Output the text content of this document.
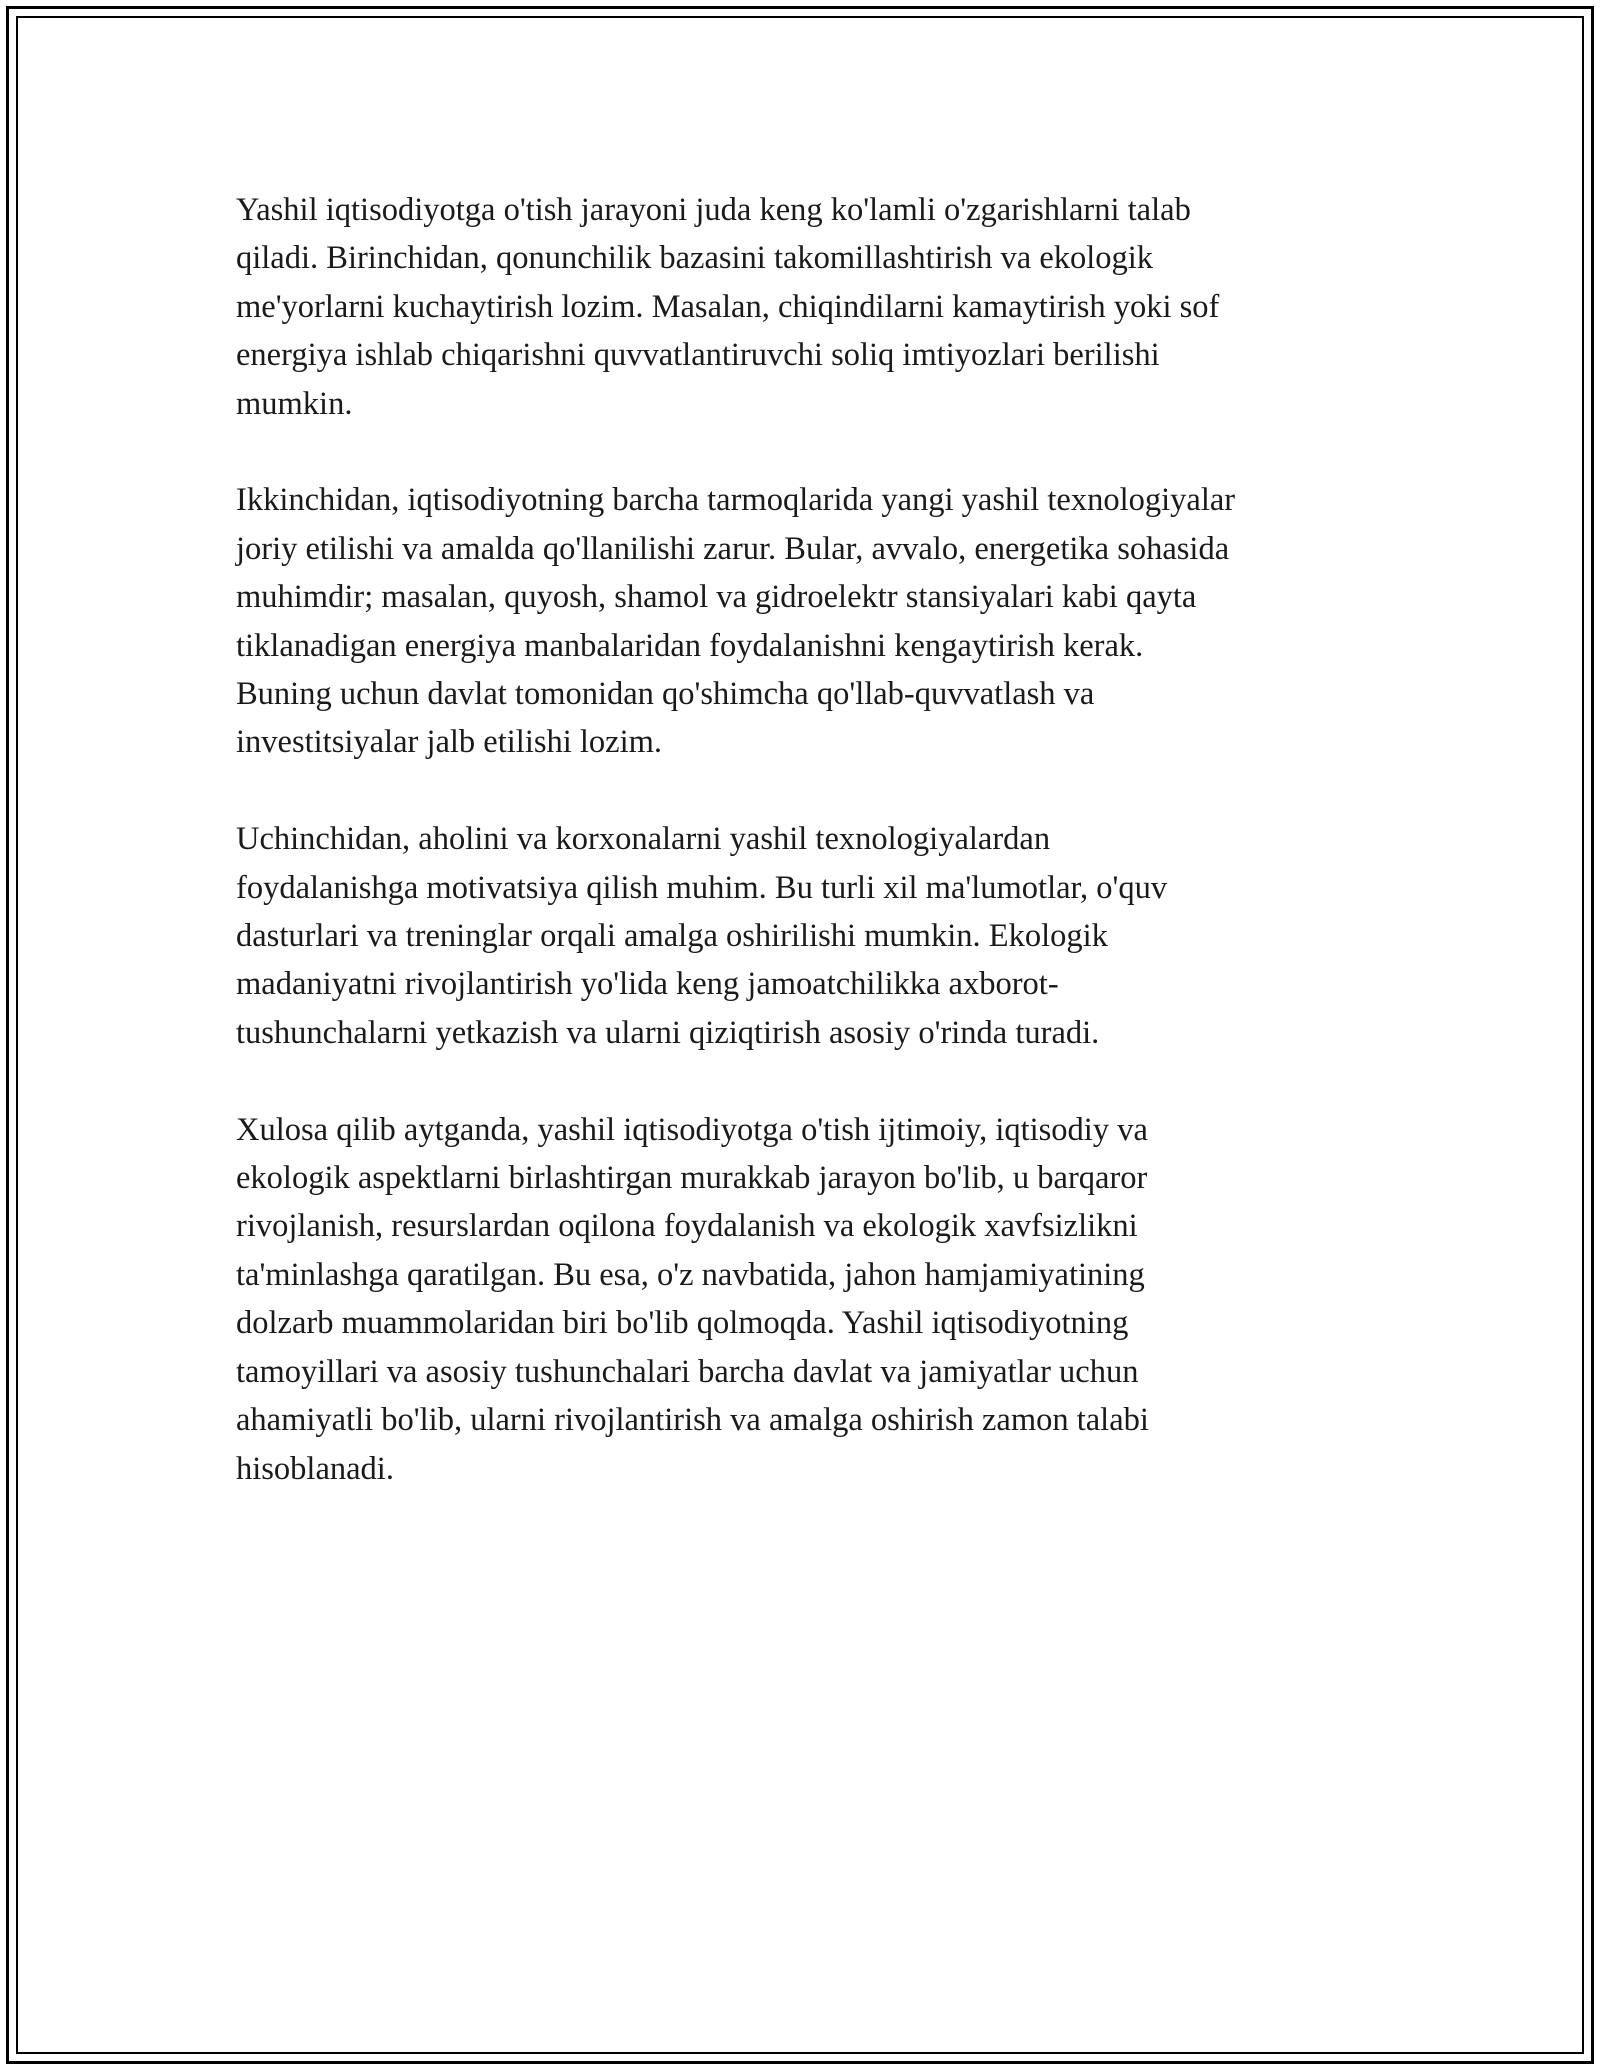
Yashil iqtisodiyotga o'tish jarayoni juda keng ko'lamli o'zgarishlarni talab
qiladi. Birinchidan, qonunchilik bazasini takomillashtirish va ekologik
me'yorlarni kuchaytirish lozim. Masalan, chiqindilarni kamaytirish yoki sof
energiya ishlab chiqarishni quvvatlantiruvchi soliq imtiyozlari berilishi
mumkin.

Ikkinchidan, iqtisodiyotning barcha tarmoqlarida yangi yashil texnologiyalar
joriy etilishi va amalda qo'llanilishi zarur. Bular, avvalo, energetika sohasida
muhimdir; masalan, quyosh, shamol va gidroelektr stansiyalari kabi qayta
tiklanadigan energiya manbalaridan foydalanishni kengaytirish kerak.
Buning uchun davlat tomonidan qo'shimcha qo'llab-quvvatlash va
investitsiyalar jalb etilishi lozim.

Uchinchidan, aholini va korxonalarni yashil texnologiyalardan
foydalanishga motivatsiya qilish muhim. Bu turli xil ma'lumotlar, o'quv
dasturlari va treninglar orqali amalga oshirilishi mumkin. Ekologik
madaniyatni rivojlantirish yo'lida keng jamoatchilikka axborot-
tushunchalarni yetkazish va ularni qiziqtirish asosiy o'rinda turadi.

Xulosa qilib aytganda, yashil iqtisodiyotga o'tish ijtimoiy, iqtisodiy va
ekologik aspektlarni birlashtirgan murakkab jarayon bo'lib, u barqaror
rivojlanish, resurslardan oqilona foydalanish va ekologik xavfsizlikni
ta'minlashga qaratilgan. Bu esa, o'z navbatida, jahon hamjamiyatining
dolzarb muammolaridan biri bo'lib qolmoqda. Yashil iqtisodiyotning
tamoyillari va asosiy tushunchalari barcha davlat va jamiyatlar uchun
ahamiyatli bo'lib, ularni rivojlantirish va amalga oshirish zamon talabi
hisoblanadi.
